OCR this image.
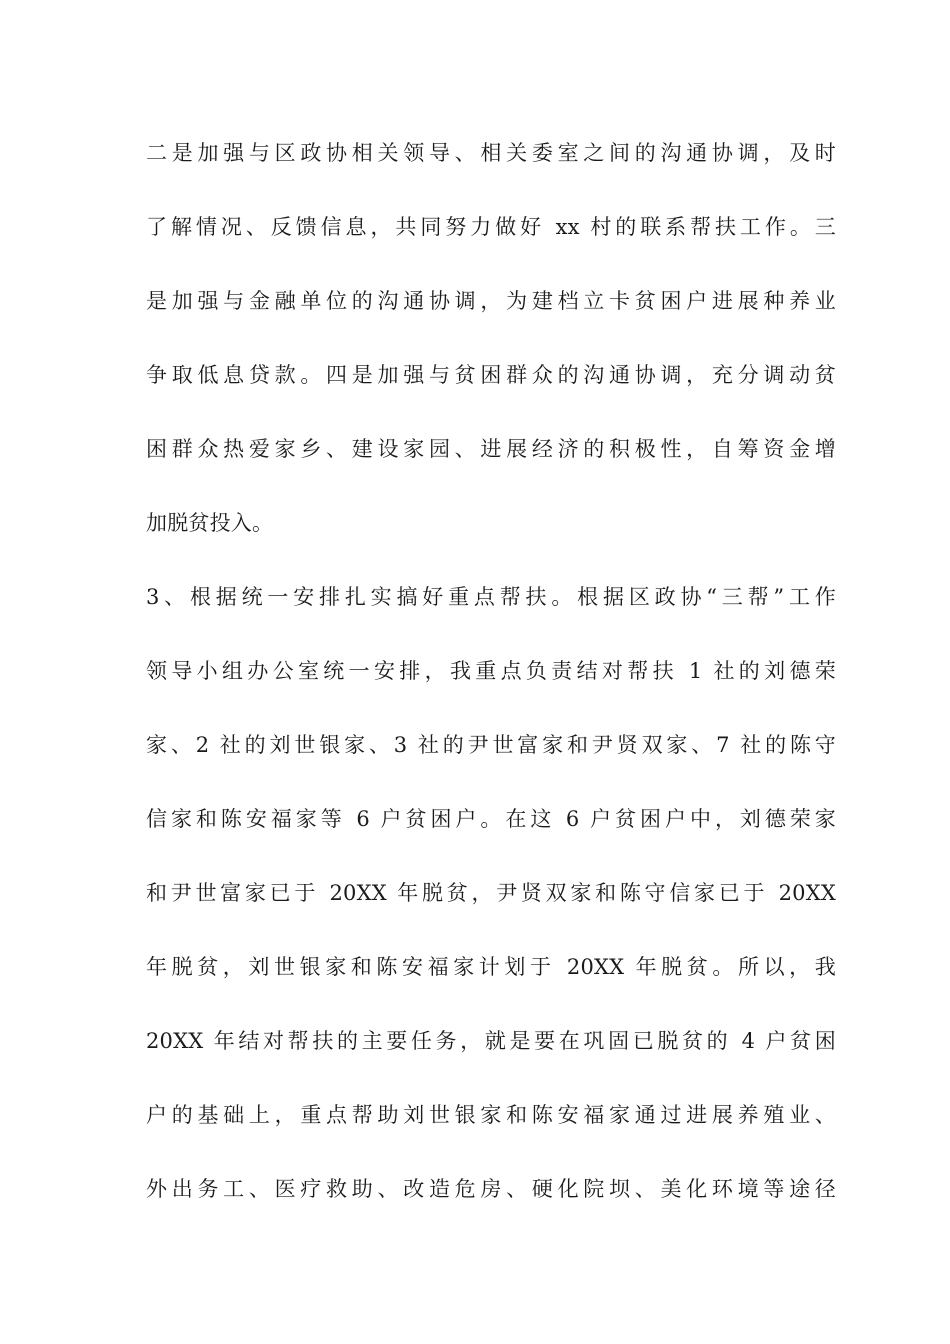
二是加强与区政协相关领导、相关委室之间的沟通协调，及时
了解情况、反馈信息，共同努力做好 xx 村的联系帮扶工作。三
是加强与金融单位的沟通协调，为建档立卡贫困户进展种养业
争取低息贷款。四是加强与贫困群众的沟通协调，充分调动贫
困群众热爱家乡、建设家园、进展经济的积极性，自筹资金增
加脱贫投入。
3、根据统一安排扎实搞好重点帮扶。根据区政协“三帮”工作
领导小组办公室统一安排，我重点负责结对帮扶 1 社的刘德荣
家、2 社的刘世银家、3 社的尹世富家和尹贤双家、7 社的陈守
信家和陈安福家等 6 户贫困户。在这 6 户贫困户中，刘德荣家
和尹世富家已于 20XX 年脱贫，尹贤双家和陈守信家已于 20XX
年脱贫，刘世银家和陈安福家计划于 20XX 年脱贫。所以，我
20XX 年结对帮扶的主要任务，就是要在巩固已脱贫的 4 户贫困
户的基础上，重点帮助刘世银家和陈安福家通过进展养殖业、
外出务工、医疗救助、改造危房、硬化院坝、美化环境等途径
